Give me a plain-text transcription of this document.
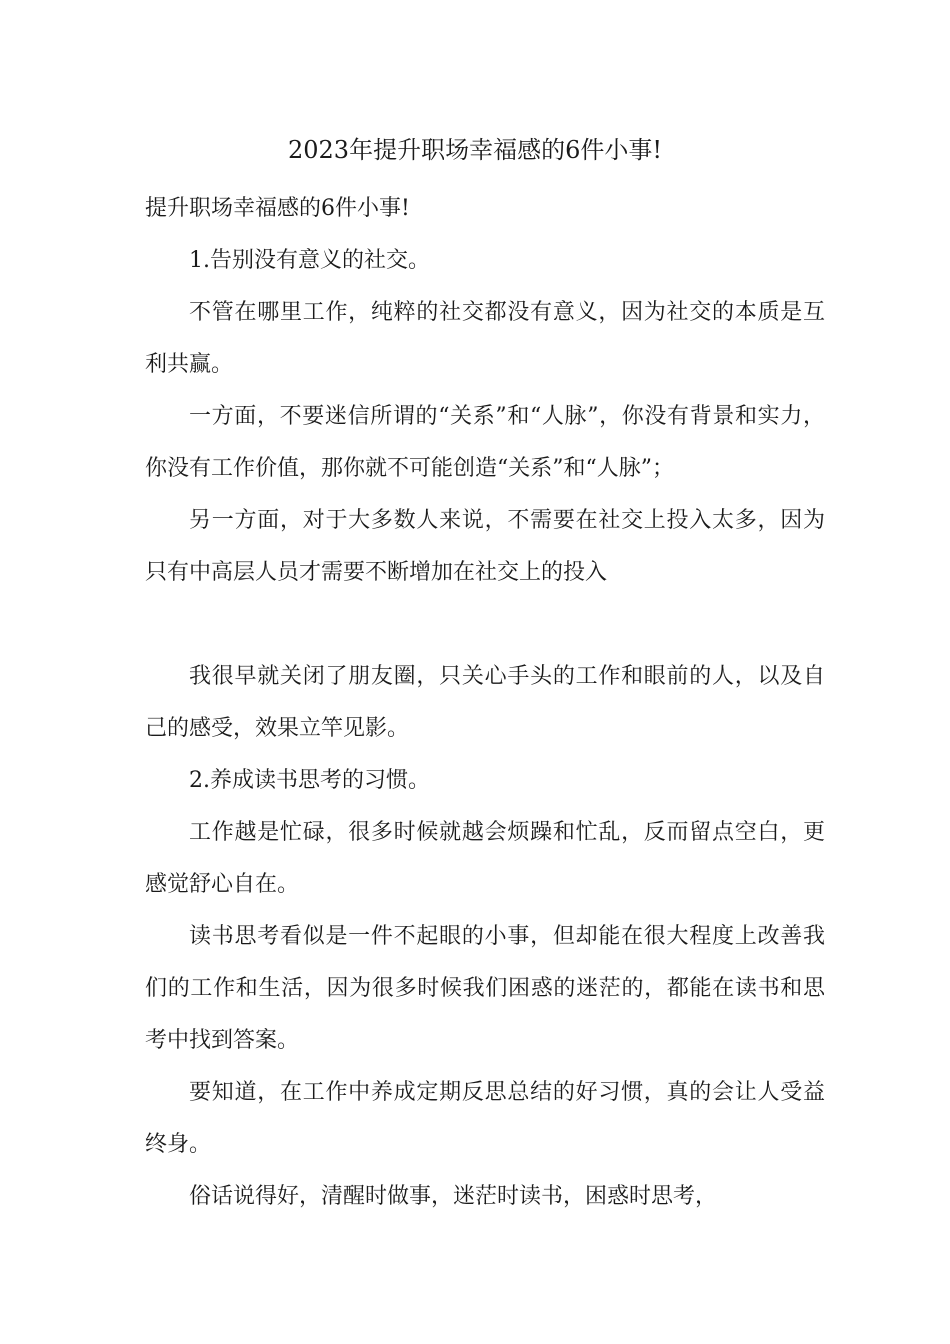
2023年提升职场幸福感的6件小事!

提升职场幸福感的6件小事!

1.告别没有意义的社交。

不管在哪里工作，纯粹的社交都没有意义，因为社交的本质是互利共赢。

一方面，不要迷信所谓的“关系”和“人脉”，你没有背景和实力，你没有工作价值，那你就不可能创造“关系”和“人脉”；

另一方面，对于大多数人来说，不需要在社交上投入太多，因为只有中高层人员才需要不断增加在社交上的投入

我很早就关闭了朋友圈，只关心手头的工作和眼前的人，以及自己的感受，效果立竿见影。

2.养成读书思考的习惯。

工作越是忙碌，很多时候就越会烦躁和忙乱，反而留点空白，更感觉舒心自在。

读书思考看似是一件不起眼的小事，但却能在很大程度上改善我们的工作和生活，因为很多时候我们困惑的迷茫的，都能在读书和思考中找到答案。

要知道，在工作中养成定期反思总结的好习惯，真的会让人受益终身。

俗话说得好，清醒时做事，迷茫时读书，困惑时思考，
